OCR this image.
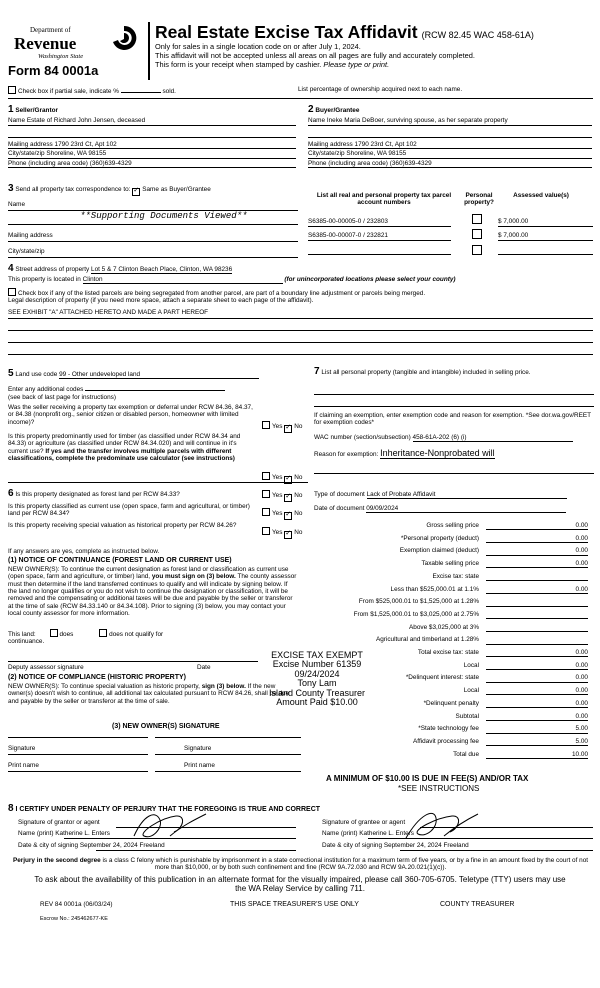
Department of
Revenue
Washington State
Form 84 0001a
Real Estate Excise Tax Affidavit (RCW 82.45 WAC 458-61A)
Only for sales in a single location code on or after July 1, 2024.
This affidavit will not be accepted unless all areas on all pages are fully and accurately completed.
This form is your receipt when stamped by cashier. Please type or print.
Check box if partial sale, indicate %	sold.	List percentage of ownership acquired next to each name.
1 Seller/Grantor
Name Estate of Richard John Jensen, deceased
Mailing address 1790 23rd Ct, Apt 102
City/state/zip Shoreline, WA 98155
Phone (including area code) (360)639-4329
2 Buyer/Grantee
Name Ineke Maria DeBoer, surviving spouse, as her separate property
Mailing address 1790 23rd Ct, Apt 102
City/state/zip Shoreline, WA 98155
Phone (including area code) (360)639-4329
3 Send all property tax correspondence to: ✓ Same as Buyer/Grantee
Name
**Supporting Documents Viewed**
Mailing address
City/state/zip
List all real and personal property tax parcel account numbers
Personal property?
Assessed value(s)
S6385-00-00005-0 / 232803	$ 7,000.00
S6385-00-00007-0 / 232821	$ 7,000.00
4 Street address of property Lot 5 & 7 Clinton Beach Place, Clinton, WA 98236
This property is located in Clinton	(for unincorporated locations please select your county)
Check box if any of the listed parcels are being segregated from another parcel, are part of a boundary line adjustment or parcels being merged.
Legal description of property (if you need more space, attach a separate sheet to each page of the affidavit).
SEE EXHIBIT "A" ATTACHED HERETO AND MADE A PART HEREOF
5 Land use code 99 - Other undeveloped land
Enter any additional codes
(see back of last page for instructions)
Was the seller receiving a property tax exemption or deferral under RCW 84.36, 84.37, or 84.38 (nonprofit org., senior citizen or disabled person, homeowner with limited income)?
Yes ✓ No
Is this property predominantly used for timber (as classified under RCW 84.34 and 84.33) or agriculture (as classified under RCW 84.34.020) and will continue in it's current use? If yes and the transfer involves multiple parcels with different classifications, complete the predominate use calculator (see instructions)
Yes ✓ No
7 List all personal property (tangible and intangible) included in selling price.
If claiming an exemption, enter exemption code and reason for exemption. *See dor.wa.gov/REET for exemption codes*
WAC number (section/subsection) 458-61A-202 (6) (i)
Reason for exemption: Inheritance-Nonprobated will
6 Is this property designated as forest land per RCW 84.33?	Yes ✓ No
Is this property classified as current use (open space, farm and agricultural, or timber) land per RCW 84.34?	Yes ✓ No
Is this property receiving special valuation as historical property per RCW 84.26?
Yes ✓ No
If any answers are yes, complete as instructed below.
(1) NOTICE OF CONTINUANCE (FOREST LAND OR CURRENT USE)
NEW OWNER(S): To continue the current designation as forest land or classification as current use (open space, farm and agriculture, or timber) land, you must sign on (3) below. The county assessor must then determine if the land transferred continues to qualify and will indicate by signing below. If the land no longer qualifies or you do not wish to continue the designation or classification, it will be removed and the compensating or additional taxes will be due and payable by the seller or transferor at the time of sale (RCW 84.33.140 or 84.34.108). Prior to signing (3) below, you may contact your local county assessor for more information.
This land:	does	does not qualify for
continuance.
Deputy assessor signature	Date
(2) NOTICE OF COMPLIANCE (HISTORIC PROPERTY)
NEW OWNER(S): To continue special valuation as historic property, sign (3) below. If the new owner(s) doesn't wish to continue, all additional tax calculated pursuant to RCW 84.26, shall be due and payable by the seller or transferor at the time of sale.
(3) NEW OWNER(S) SIGNATURE
Signature	Signature
Print name	Print name
Type of document Lack of Probate Affidavit
Date of document 09/09/2024
Gross selling price	0.00
*Personal property (deduct)	0.00
Exemption claimed (deduct)	0.00
Taxable selling price	0.00
Excise tax: state

Less than $525,000.01 at 1.1%	0.00
From $525,000.01 to $1,525,000 at 1.28%

From $1,525,000.01 to $3,025,000 at 2.75%

Above $3,025,000 at 3%

Agricultural and timberland at 1.28%

Total excise tax: state	0.00
Local	0.00
*Delinquent interest: state	0.00
Local	0.00
*Delinquent penalty	0.00
Subtotal	0.00
*State technology fee	5.00
Affidavit processing fee	5.00
Total due	10.00
EXCISE TAX EXEMPT
Excise Number 61359
09/24/2024
Tony Lam
Island County Treasurer
Amount Paid $10.00
A MINIMUM OF $10.00 IS DUE IN FEE(S) AND/OR TAX
*SEE INSTRUCTIONS
8 I CERTIFY UNDER PENALTY OF PERJURY THAT THE FOREGOING IS TRUE AND CORRECT
Signature of grantor or agent
Name (print) Katherine L. Enters
Date & city of signing September 24, 2024 Freeland
Signature of grantee or agent
Name (print) Katherine L. Enters
Date & city of signing September 24, 2024 Freeland
Perjury in the second degree is a class C felony which is punishable by imprisonment in a state correctional institution for a maximum term of five years, or by a fine in an amount fixed by the court of not more than $10,000, or by both such confinement and fine (RCW 9A.72.030 and RCW 9A.20.021(1)(c)).
To ask about the availability of this publication in an alternate format for the visually impaired, please call 360-705-6705. Teletype (TTY) users may use the WA Relay Service by calling 711.
REV 84 0001a (06/03/24)	THIS SPACE TREASURER'S USE ONLY	COUNTY TREASURER
Escrow No.: 245462677-KE
